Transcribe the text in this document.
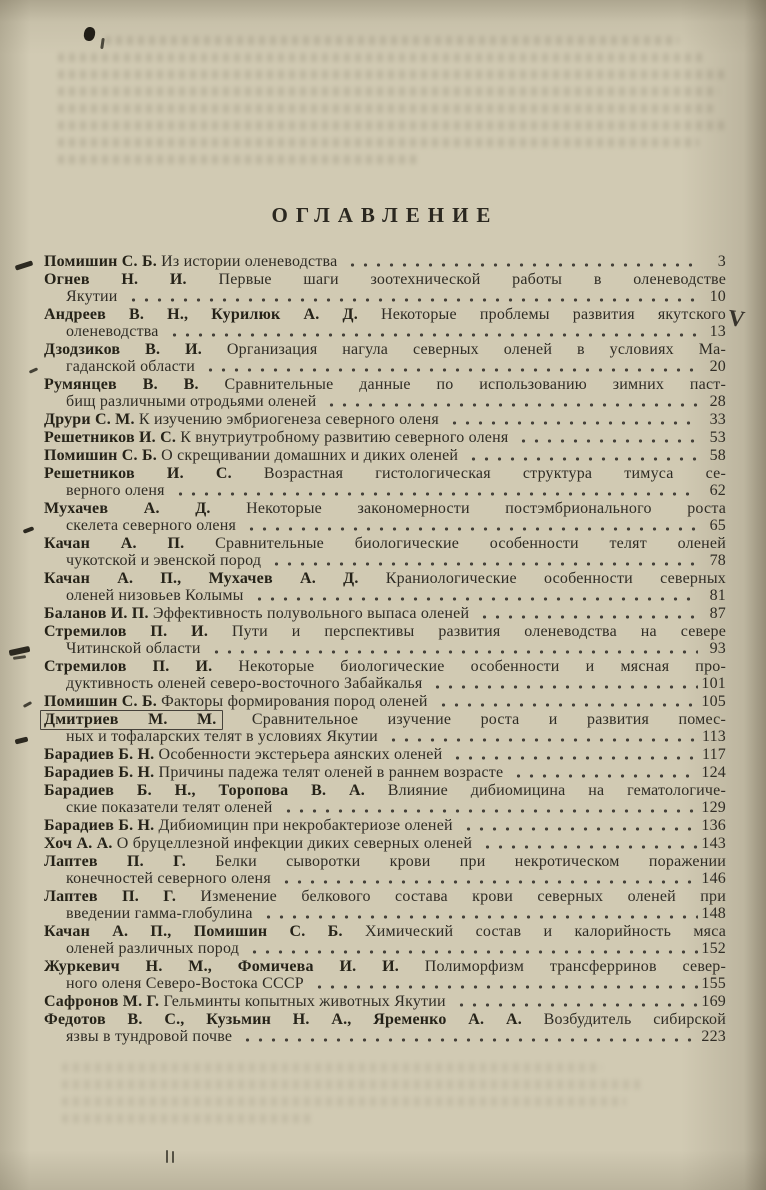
ОГЛАВЛЕНИЕ
Помишин С. Б. Из истории оленеводства	3
Огнев Н. И. Первые шаги зоотехнической работы в оленеводстве
Якутии	10
Андреев В. Н., Курилюк А. Д. Некоторые проблемы развития якутского
оленеводства	13
Дзодзиков В. И. Организация нагула северных оленей в условиях Ма-
гаданской области	20
Румянцев В. В. Сравнительные данные по использованию зимних паст-
бищ различными отродьями оленей	28
Друри С. М. К изучению эмбриогенеза северного оленя	33
Решетников И. С. К внутриутробному развитию северного оленя	53
Помишин С. Б. О скрещивании домашних и диких оленей	58
Решетников И. С. Возрастная гистологическая структура тимуса се-
верного оленя	62
Мухачев А. Д. Некоторые закономерности постэмбрионального роста
скелета северного оленя	65
Качан А. П. Сравнительные биологические особенности телят оленей
чукотской и эвенской пород	78
Качан А. П., Мухачев А. Д. Краниологические особенности северных
оленей низовьев Колымы	81
Баланов И. П. Эффективность полувольного выпаса оленей	87
Стремилов П. И. Пути и перспективы развития оленеводства на севере
Читинской области	93
Стремилов П. И. Некоторые биологические особенности и мясная про-
дуктивность оленей северо-восточного Забайкалья	101
Помишин С. Б. Факторы формирования пород оленей	105
Дмитриев М. М. Сравнительное изучение роста и развития помес-
ных и тофаларских телят в условиях Якутии	113
Барадиев Б. Н. Особенности экстерьера аянских оленей	117
Барадиев Б. Н. Причины падежа телят оленей в раннем возрасте	124
Барадиев Б. Н., Торопова В. А. Влияние дибиомицина на гематологиче-
ские показатели телят оленей	129
Барадиев Б. Н. Дибиомицин при некробактериозе оленей	136
Хоч А. А. О бруцеллезной инфекции диких северных оленей	143
Лаптев П. Г. Белки сыворотки крови при некротическом поражении
конечностей северного оленя	146
Лаптев П. Г. Изменение белкового состава крови северных оленей при
введении гамма-глобулина	148
Качан А. П., Помишин С. Б. Химический состав и калорийность мяса
оленей различных пород	152
Журкевич Н. М., Фомичева И. И. Полиморфизм трансферринов север-
ного оленя Северо-Востока СССР	155
Сафронов М. Г. Гельминты копытных животных Якутии	169
Федотов В. С., Кузьмин Н. А., Яременко А. А. Возбудитель сибирской
язвы в тундровой почве	223
V
